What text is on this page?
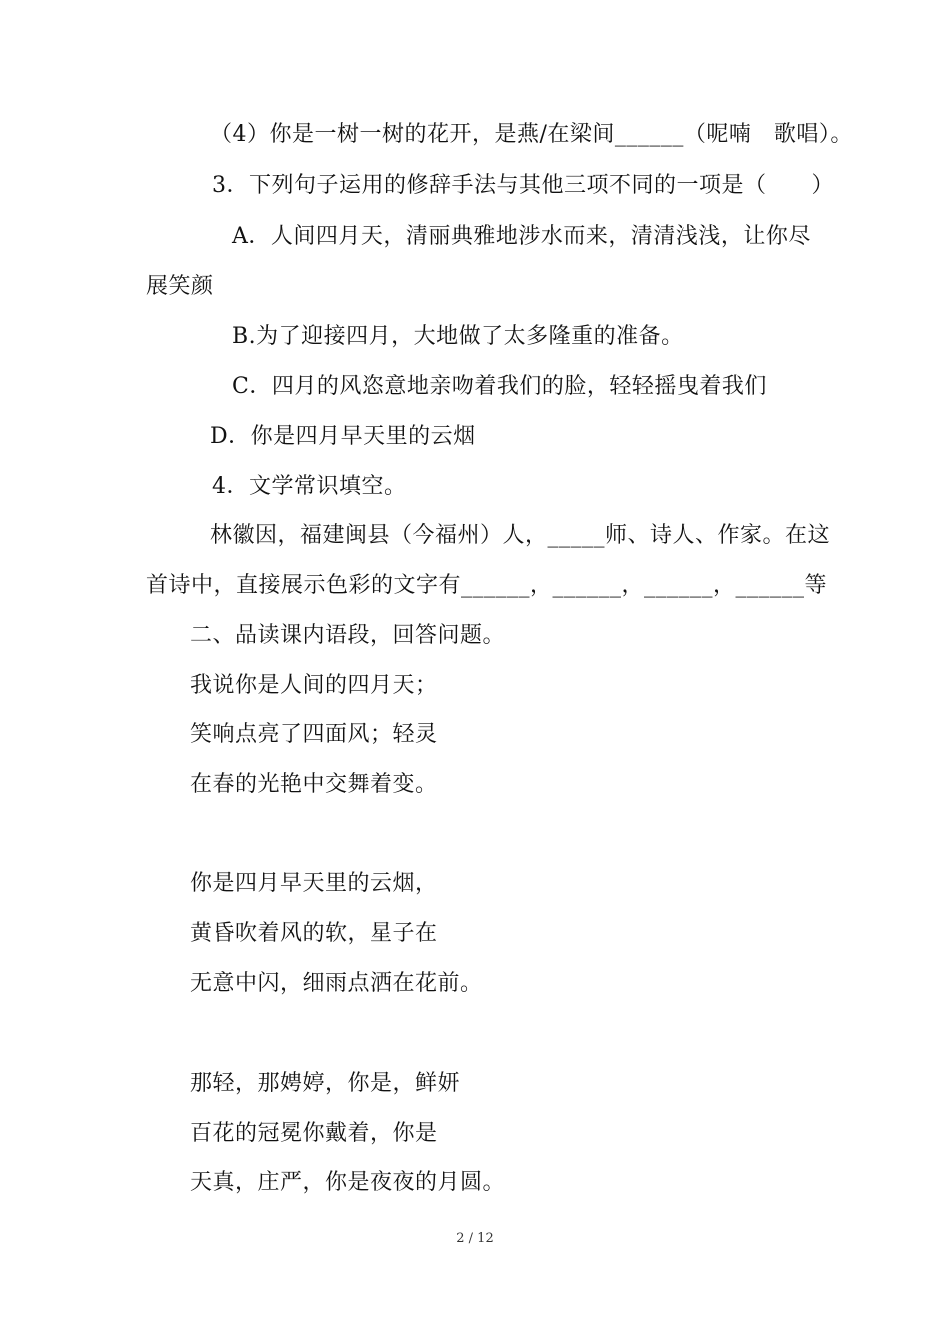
（4）你是一树一树的花开，是燕/在梁间______（呢喃　歌唱）。
3．下列句子运用的修辞手法与其他三项不同的一项是（　　）
A．人间四月天，清丽典雅地涉水而来，清清浅浅，让你尽
展笑颜
B.为了迎接四月，大地做了太多隆重的准备。
C．四月的风恣意地亲吻着我们的脸，轻轻摇曳着我们
D．你是四月早天里的云烟
4．文学常识填空。
林徽因，福建闽县（今福州）人，_____师、诗人、作家。在这
首诗中，直接展示色彩的文字有______，______，______，______等
二、品读课内语段，回答问题。
我说你是人间的四月天；
笑响点亮了四面风；轻灵
在春的光艳中交舞着变。
你是四月早天里的云烟，
黄昏吹着风的软，星子在
无意中闪，细雨点洒在花前。
那轻，那娉婷，你是，鲜妍
百花的冠冕你戴着，你是
天真，庄严，你是夜夜的月圆。
2 / 12
